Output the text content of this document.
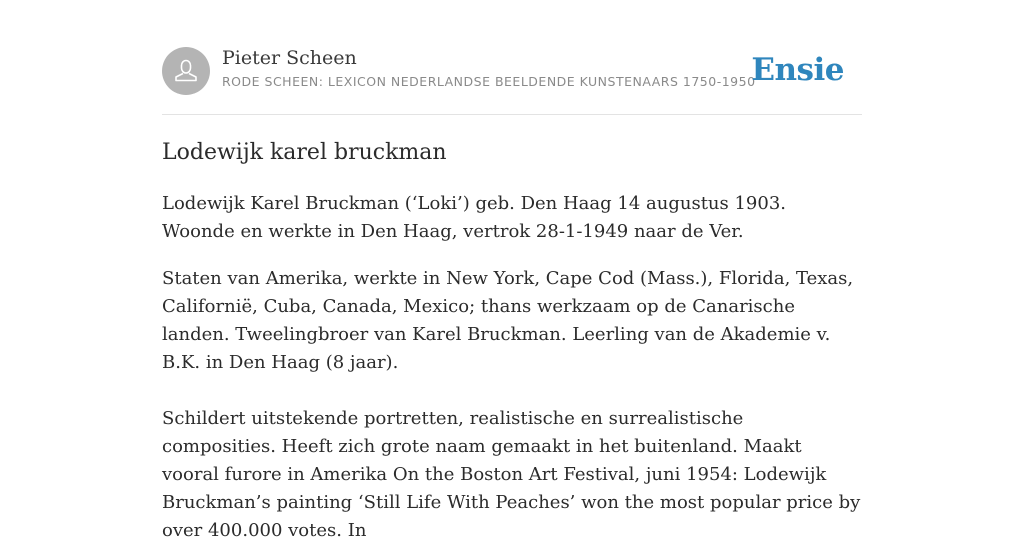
Pieter Scheen
RODE SCHEEN: LEXICON NEDERLANDSE BEELDENDE KUNSTENAARS 1750-1950
Ensie
Lodewijk karel bruckman

Lodewijk Karel Bruckman (‘Loki’) geb. Den Haag 14 augustus 1903. Woonde en werkte in Den Haag, vertrok 28-1-1949 naar de Ver.

Staten van Amerika, werkte in New York, Cape Cod (Mass.), Florida, Texas, Californië, Cuba, Canada, Mexico; thans werkzaam op de Canarische landen. Tweelingbroer van Karel Bruckman. Leerling van de Akademie v. B.K. in Den Haag (8 jaar).

Schildert uitstekende portretten, realistische en surrealistische composities. Heeft zich grote naam gemaakt in het buitenland. Maakt vooral furore in Amerika On the Boston Art Festival, juni 1954: Lodewijk Bruckman’s painting ‘Still Life With Peaches’ won the most popular price by over 400.000 votes. In
